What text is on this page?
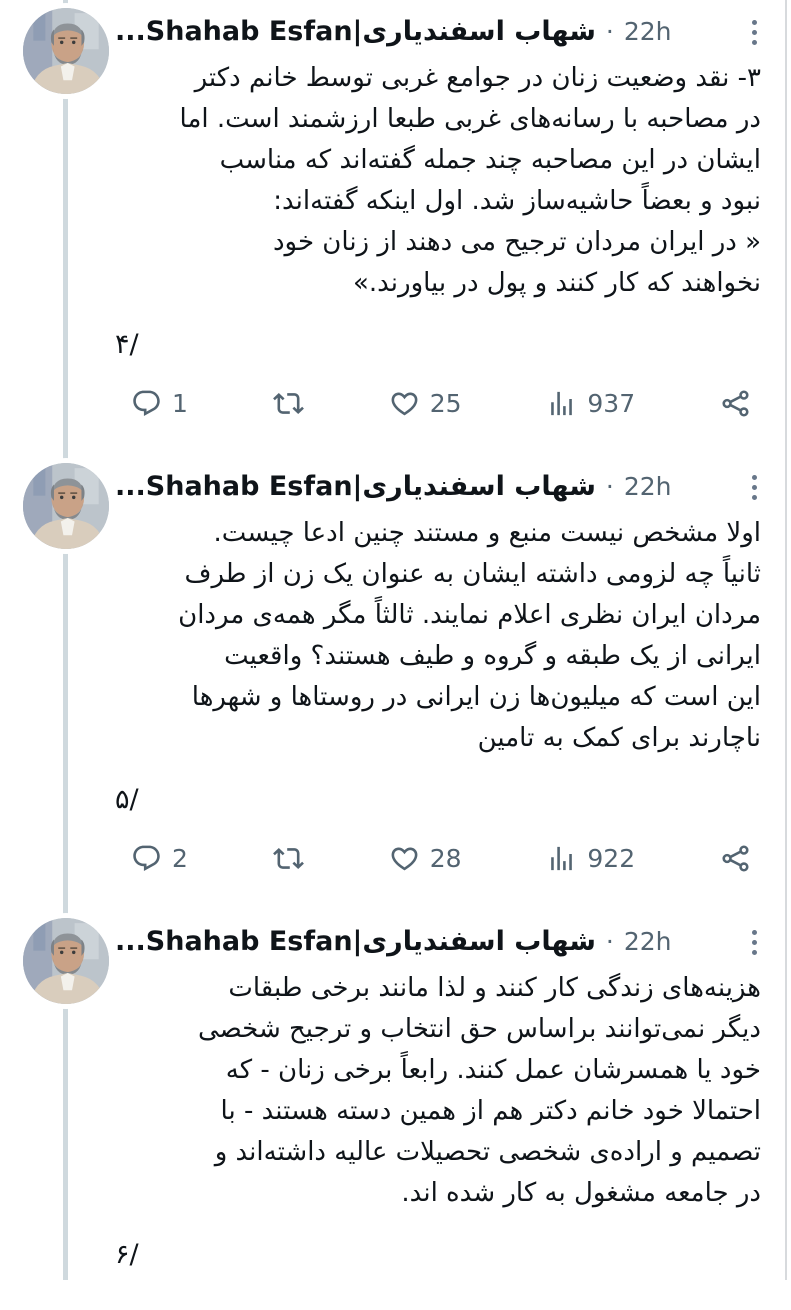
...Shahab Esfan|شهاب اسفندیاری · 22h
۳- نقد وضعیت زنان در جوامع غربی توسط خانم دکتر
در مصاحبه با رسانه‌های غربی طبعا ارزشمند است. اما
ایشان در این مصاحبه چند جمله گفته‌اند که مناسب
نبود و بعضاً حاشیه‌ساز شد. اول اینکه گفته‌اند:
« در ایران مردان ترجیح می دهند از زنان خود
نخواهند که کار کنند و پول در بیاورند.»
۴/
1	25	937
...Shahab Esfan|شهاب اسفندیاری · 22h
اولا مشخص نیست منبع و مستند چنین ادعا چیست.
ثانیاً چه لزومی داشته ایشان به عنوان یک زن از طرف
مردان ایران نظری اعلام نمایند. ثالثاً مگر همه‌ی مردان
ایرانی از یک طبقه و گروه و طیف هستند؟ واقعیت
این است که میلیون‌ها زن ایرانی در روستاها و شهرها
ناچارند برای کمک به تامین
۵/
2	28	922
...Shahab Esfan|شهاب اسفندیاری · 22h
هزینه‌های زندگی کار کنند و لذا مانند برخی طبقات
دیگر نمی‌توانند براساس حق انتخاب و ترجیح شخصی
خود یا همسرشان عمل کنند. رابعاً برخی زنان - که
احتمالا خود خانم دکتر هم از همین دسته هستند - با
تصمیم و اراده‌ی شخصی تحصیلات عالیه داشته‌اند و
در جامعه مشغول به کار شده اند.
۶/
